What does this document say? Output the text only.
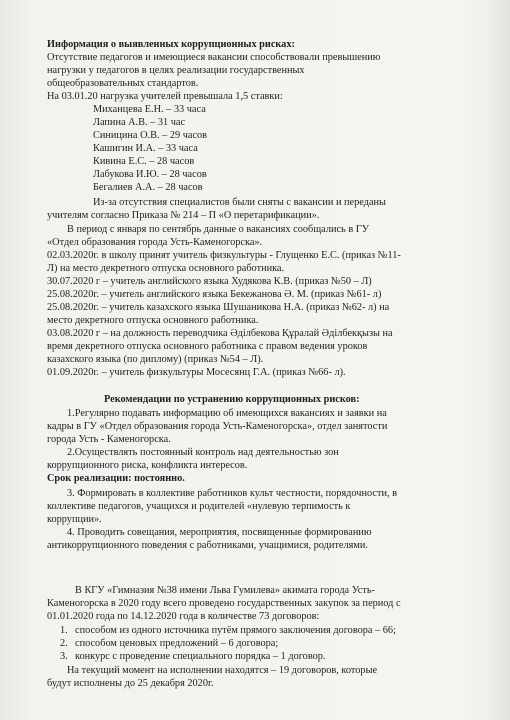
Информация о выявленных коррупционных рисках:
Отсутствие педагогов и имеющиеся вакансии способствовали превышению
нагрузки у педагогов в целях реализации государственных
общеобразовательных стандартов.
На 03.01.20 нагрузка учителей превышала 1,5 ставки:
Миханцева Е.Н. – 33 часа
Лапина А.В. – 31 час
Синицина О.В. – 29 часов
Кашигин И.А. – 33 часа
Кивина Е.С. – 28 часов
Лабукова И.Ю. – 28 часов
Бегалиев А.А. – 28 часов
Из-за отсутствия специалистов были сняты с вакансии и переданы
учителям согласно Приказа № 214 – П «О перетарификации».
В период с января по сентябрь данные о вакансиях сообщались в ГУ
«Отдел образования города Усть-Каменогорска».
02.03.2020г. в школу принят учитель физкультуры - Глущенко Е.С. (приказ №11-
Л) на место декретного отпуска основного работника.
30.07.2020 г – учитель английского языка Худякова К.В. (приказ №50 – Л)
25.08.2020г. – учитель английского языка Бекежанова Ә. М. (приказ №61- л)
25.08.2020г. – учитель казахского языка Шушаникова Н.А. (приказ №62- л) на
место декретного отпуска основного работника.
03.08.2020 г – на должность переводчика Әділбекова Құралай Әділбекқызы на
время декретного отпуска основного работника с правом ведения уроков
казахского языка (по диплому) (приказ №54 – Л).
01.09.2020г. – учитель физкультуры Мосесянц Г.А. (приказ №66- л).
Рекомендации по устранению коррупционных рисков:
1.Регулярно подавать информацию об имеющихся вакансиях и заявки на
кадры в ГУ «Отдел образования города Усть-Каменогорска», отдел занятости
города Усть - Каменогорска.
2.Осуществлять постоянный контроль над деятельностью зон
коррупционного риска, конфликта интересов.
Срок реализации: постоянно.
3. Формировать в коллективе работников культ честности, порядочности, в
коллективе педагогов, учащихся и родителей «нулевую терпимость к
коррупции».
4. Проводить совещания, мероприятия, посвященные формированию
антикоррупционного поведения с работниками, учащимися, родителями.
В КГУ «Гимназия №38 имени Льва Гумилева» акимата города Усть-
Каменогорска в 2020 году всего проведено государственных закупок за период с
01.01.2020 года по 14.12.2020 года в количестве 73 договоров:
1. способом из одного источника путём прямого заключения договора – 66;
2. способом ценовых предложений – 6 договора;
3. конкурс с проведение специального порядка – 1 договор.
На текущий момент на исполнении находятся – 19 договоров, которые
будут исполнены до 25 декабря 2020г.
